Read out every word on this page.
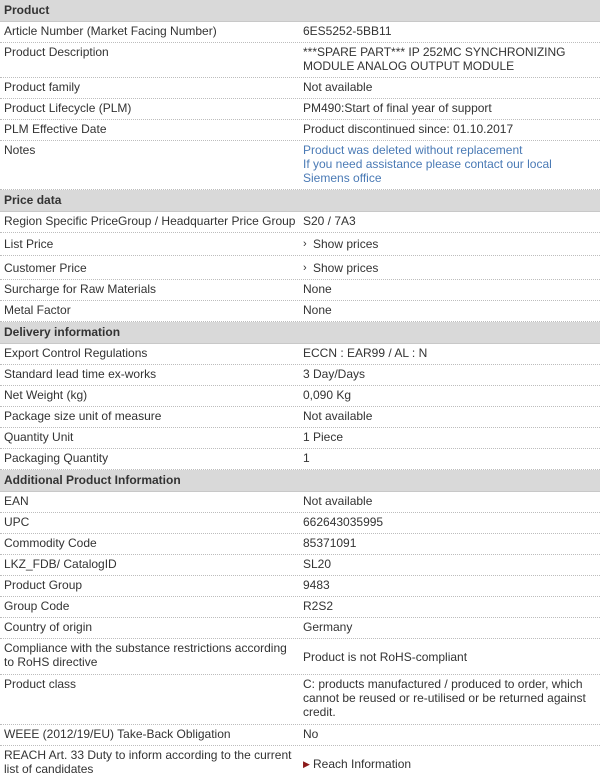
Product
Article Number (Market Facing Number)	6ES5252-5BB11
Product Description	***SPARE PART*** IP 252MC SYNCHRONIZING
MODULE ANALOG OUTPUT MODULE
Product family	Not available
Product Lifecycle (PLM)	PM490:Start of final year of support
PLM Effective Date	Product discontinued since: 01.10.2017
Notes	Product was deleted without replacement
If you need assistance please contact our local
Siemens office
Price data
Region Specific PriceGroup / Headquarter Price Group S20 / 7A3
List Price	› Show prices
Customer Price	› Show prices
Surcharge for Raw Materials	None
Metal Factor	None
Delivery information
Export Control Regulations	ECCN : EAR99 / AL : N
Standard lead time ex-works	3 Day/Days
Net Weight (kg)	0,090 Kg
Package size unit of measure	Not available
Quantity Unit	1 Piece
Packaging Quantity	1
Additional Product Information
EAN	Not available
UPC	662643035995
Commodity Code	85371091
LKZ_FDB/ CatalogID	SL20
Product Group	9483
Group Code	R2S2
Country of origin	Germany
Compliance with the substance restrictions according
to RoHS directive	Product is not RoHS-compliant
Product class	C: products manufactured / produced to order, which
cannot be reused or re-utilised or be returned against
credit.
WEEE (2012/19/EU) Take-Back Obligation	No
REACH Art. 33 Duty to inform according to the current
list of candidates	▶ Reach Information
